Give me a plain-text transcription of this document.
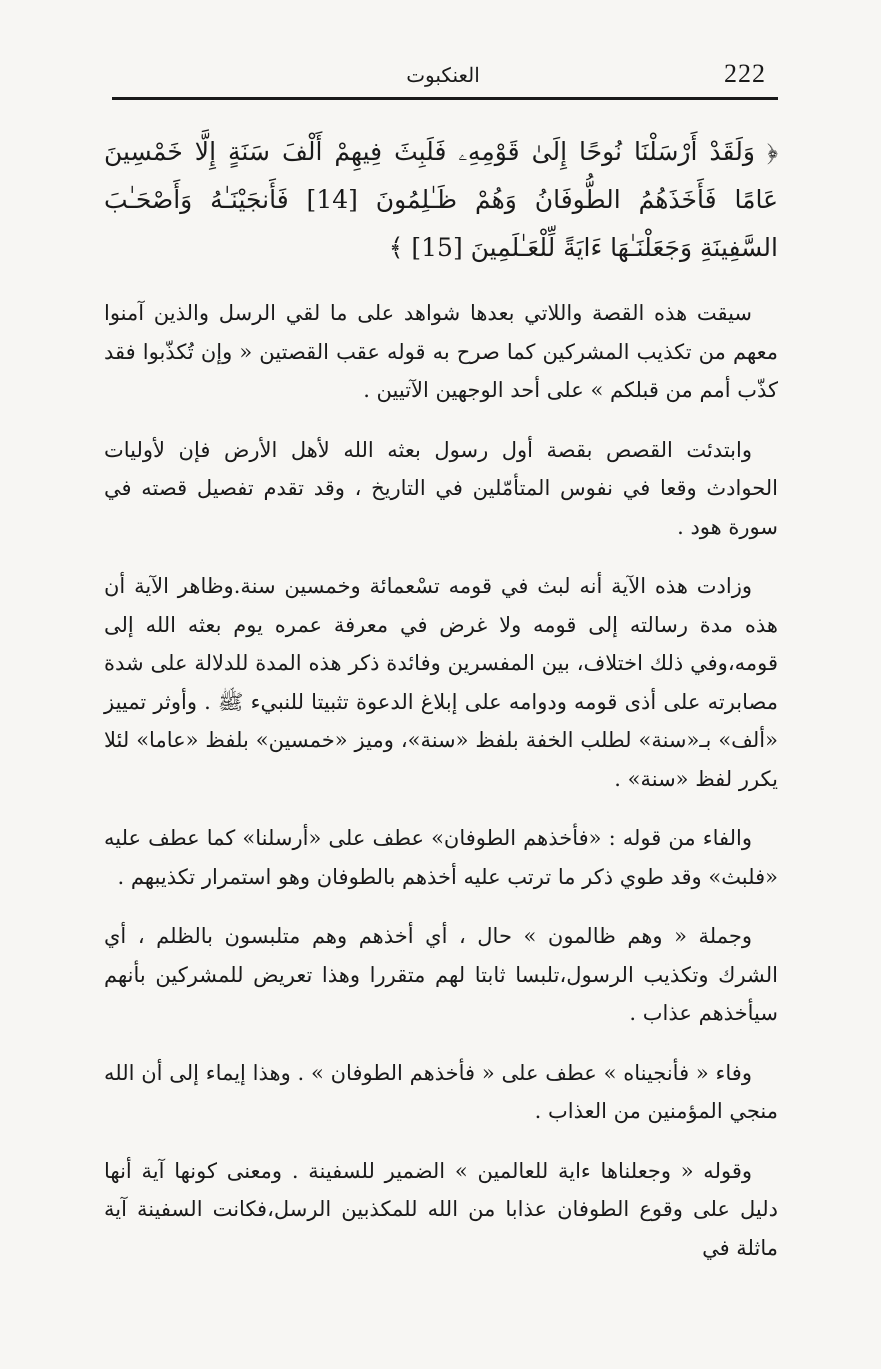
222
العنكبوت

﴿ وَلَقَدْ أَرْسَلْنَا نُوحًا إِلَىٰ قَوْمِهِۦ فَلَبِثَ فِيهِمْ أَلْفَ سَنَةٍ إِلَّا خَمْسِينَ عَامًا فَأَخَذَهُمُ الطُّوفَانُ وَهُمْ ظَـٰلِمُونَ [14] فَأَنجَيْنَـٰهُ وَأَصْحَـٰبَ السَّفِينَةِ وَجَعَلْنَـٰهَا ءَايَةً لِّلْعَـٰلَمِينَ [15] ﴾

سيقت هذه القصة واللاتي بعدها شواهد على ما لقي الرسل والذين آمنوا معهم من تكذيب المشركين كما صرح به قوله عقب القصتين « وإن تُكذّبوا فقد كذّب أمم من قبلكم » على أحد الوجهين الآتيين .

وابتدئت القصص بقصة أول رسول بعثه الله لأهل الأرض فإن لأوليات الحوادث وقعا في نفوس المتأمّلين في التاريخ ، وقد تقدم تفصيل قصته في سورة هود .

وزادت هذه الآية أنه لبث في قومه تسْعمائة وخمسين سنة.وظاهر الآية أن هذه مدة رسالته إلى قومه ولا غرض في معرفة عمره يوم بعثه الله إلى قومه،وفي ذلك اختلاف، بين المفسرين وفائدة ذكر هذه المدة للدلالة على شدة مصابرته على أذى قومه ودوامه على إبلاغ الدعوة تثبيتا للنبيء ﷺ . وأوثر تمييز «ألف» بـ«سنة» لطلب الخفة بلفظ «سنة»، وميز «خمسين» بلفظ «عاما» لئلا يكرر لفظ «سنة» .

والفاء من قوله : «فأخذهم الطوفان» عطف على «أرسلنا» كما عطف عليه «فلبث» وقد طوي ذكر ما ترتب عليه أخذهم بالطوفان وهو استمرار تكذيبهم .

وجملة « وهم ظالمون » حال ، أي أخذهم وهم متلبسون بالظلم ، أي الشرك وتكذيب الرسول،تلبسا ثابتا لهم متقررا وهذا تعريض للمشركين بأنهم سيأخذهم عذاب .

وفاء « فأنجيناه » عطف على « فأخذهم الطوفان » . وهذا إيماء إلى أن الله منجي المؤمنين من العذاب .

وقوله « وجعلناها ءاية للعالمين » الضمير للسفينة . ومعنى كونها آية أنها دليل على وقوع الطوفان عذابا من الله للمكذبين الرسل،فكانت السفينة آية ماثلة في
